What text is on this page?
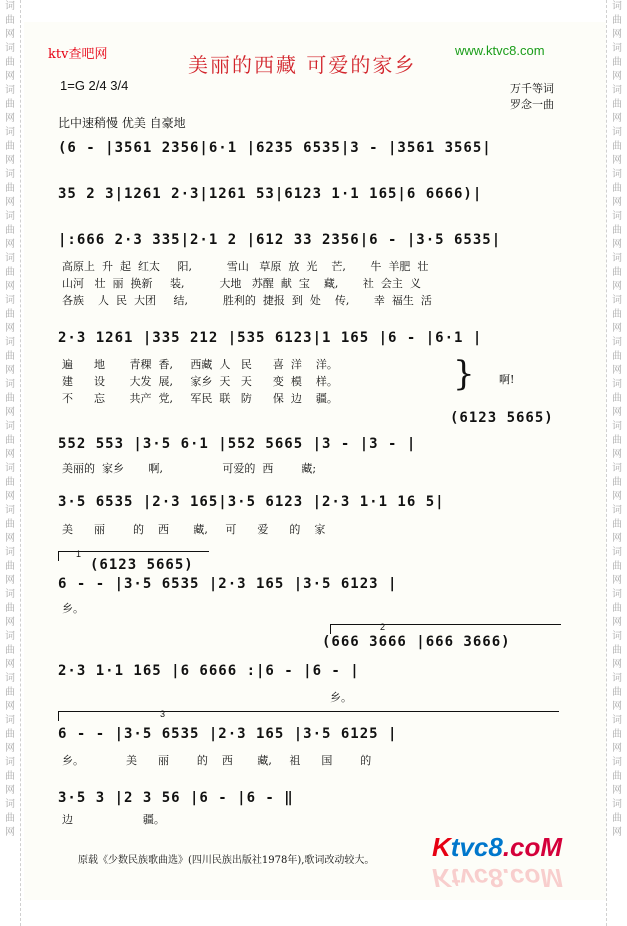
词
曲
网
词
曲
网
词
曲
网
词
曲
网
词
曲
网
词
曲
网
词
曲
网
词
曲
网
词
曲
网
词
曲
网
词
曲
网
词
曲
网
词
曲
网
词
曲
网
词
曲
网
词
曲
网
词
曲
网
词
曲
网
词
曲
网
词
曲
网
词
曲
网
词
曲
网
词
曲
网
词
曲
网
词
曲
网
词
曲
网
词
曲
网
词
曲
网
词
曲
网
词
曲
网
词
曲
网
词
曲
网
词
曲
网
词
曲
网
词
曲
网
词
曲
网
词
曲
网
词
曲
网
词
曲
网
词
曲
网
ktv查吧网	美丽的西藏 可爱的家乡
www.ktvc8.com
1=G 2/4 3/4	万千等词
罗念一曲
比中速稍慢 优美 自豪地
(6 - |3561 2356|6·1 |6235 6535|3 - |3561 3565|
35 2 3|1261 2·3|1261 53|6123 1·1 165|6 6666)|
|:666 2·3 335|2·1 2 |612 33 2356|6 - |3·5 6535|
高原上  升  起  红太     阳,          雪山   草原  放  光    芒,       牛  羊肥  壮
山河   壮  丽  换新     装,          大地   苏醒  献  宝    藏,       社  会主  义
各族    人  民  大团     结,          胜利的  捷报  到  处    传,       幸  福生  活
2·3 1261 |335 212 |535 6123|1 165 |6 - |6·1 |
遍      地       青稞  香,     西藏  人   民      喜  洋    洋。
建      设       大发  展,     家乡  天   天      变  模    样。
不      忘       共产  党,     军民  联   防      保  边    疆。
} 啊!
(6123 5665)
552 553 |3·5 6·1 |552 5665 |3 - |3 - |
美丽的  家乡       啊,                 可爱的  西        藏;
3·5 6535 |2·3 165|3·5 6123 |2·3 1·1 16 5|
美      丽        的    西       藏,     可      爱      的    家
1
(6123 5665)
6 - - |3·5 6535 |2·3 165 |3·5 6123 |
乡。
2
(666 3666 |666 3666)
2·3 1·1 165 |6 6666 :|6 - |6 - |
乡。
3
6 - - |3·5 6535 |2·3 165 |3·5 6125 |
乡。            美      丽        的    西       藏,     祖      国        的
3·5 3 |2 3 56 |6 - |6 - ‖
边                    疆。
原载《少数民族歌曲选》(四川民族出版社1978年),歌词改动较大。 Ktvc8.coM
Ktvc8.coM
